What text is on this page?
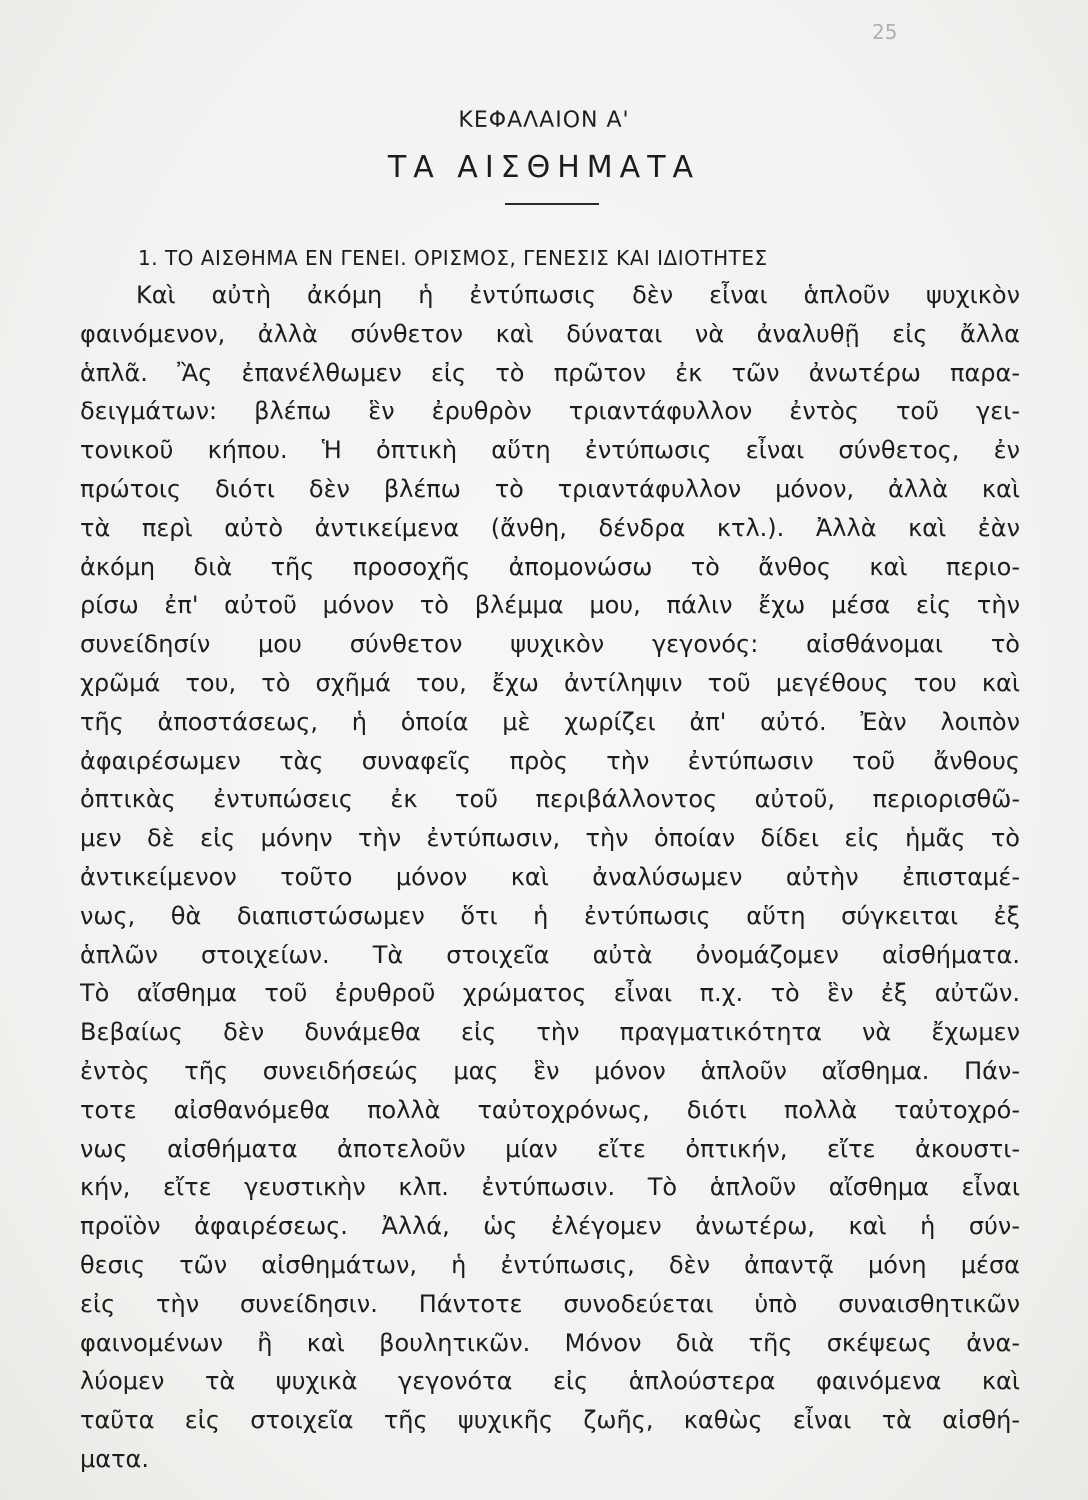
25
ΚΕΦΑΛΑΙΟΝ Α'
ΤΑ ΑΙΣΘΗΜΑΤΑ
1. ΤΟ ΑΙΣΘΗΜΑ ΕΝ ΓΕΝΕΙ. ΟΡΙΣΜΟΣ, ΓΕΝΕΣΙΣ ΚΑΙ ΙΔΙΟΤΗΤΕΣ
Καὶ αὐτὴ ἀκόμη ἡ ἐντύπωσις δὲν εἶναι ἁπλοῦν ψυχικὸν
φαινόμενον, ἀλλὰ σύνθετον καὶ δύναται νὰ ἀναλυθῇ εἰς ἄλλα
ἁπλᾶ. Ἂς ἐπανέλθωμεν εἰς τὸ πρῶτον ἐκ τῶν ἀνωτέρω παρα-
δειγμάτων: βλέπω ἓν ἐρυθρὸν τριαντάφυλλον ἐντὸς τοῦ γει-
τονικοῦ κήπου. Ἡ ὀπτικὴ αὕτη ἐντύπωσις εἶναι σύνθετος, ἐν
πρώτοις διότι δὲν βλέπω τὸ τριαντάφυλλον μόνον, ἀλλὰ καὶ
τὰ περὶ αὐτὸ ἀντικείμενα (ἄνθη, δένδρα κτλ.). Ἀλλὰ καὶ ἐὰν
ἀκόμη διὰ τῆς προσοχῆς ἀπομονώσω τὸ ἄνθος καὶ περιο-
ρίσω ἐπ' αὐτοῦ μόνον τὸ βλέμμα μου, πάλιν ἔχω μέσα εἰς τὴν
συνείδησίν μου σύνθετον ψυχικὸν γεγονός: αἰσθάνομαι τὸ
χρῶμά του, τὸ σχῆμά του, ἔχω ἀντίληψιν τοῦ μεγέθους του καὶ
τῆς ἀποστάσεως, ἡ ὁποία μὲ χωρίζει ἀπ' αὐτό. Ἐὰν λοιπὸν
ἀφαιρέσωμεν τὰς συναφεῖς πρὸς τὴν ἐντύπωσιν τοῦ ἄνθους
ὀπτικὰς ἐντυπώσεις ἐκ τοῦ περιβάλλοντος αὐτοῦ, περιορισθῶ-
μεν δὲ εἰς μόνην τὴν ἐντύπωσιν, τὴν ὁποίαν δίδει εἰς ἡμᾶς τὸ
ἀντικείμενον τοῦτο μόνον καὶ ἀναλύσωμεν αὐτὴν ἐπισταμέ-
νως, θὰ διαπιστώσωμεν ὅτι ἡ ἐντύπωσις αὕτη σύγκειται ἐξ
ἁπλῶν στοιχείων. Τὰ στοιχεῖα αὐτὰ ὀνομάζομεν αἰσθήματα.
Τὸ αἴσθημα τοῦ ἐρυθροῦ χρώματος εἶναι π.χ. τὸ ἓν ἐξ αὐτῶν.
Βεβαίως δὲν δυνάμεθα εἰς τὴν πραγματικότητα νὰ ἔχωμεν
ἐντὸς τῆς συνειδήσεώς μας ἓν μόνον ἁπλοῦν αἴσθημα. Πάν-
τοτε αἰσθανόμεθα πολλὰ ταὐτοχρόνως, διότι πολλὰ ταὐτοχρό-
νως αἰσθήματα ἀποτελοῦν μίαν εἴτε ὀπτικήν, εἴτε ἀκουστι-
κήν, εἴτε γευστικὴν κλπ. ἐντύπωσιν. Τὸ ἁπλοῦν αἴσθημα εἶναι
προϊὸν ἀφαιρέσεως. Ἀλλά, ὡς ἐλέγομεν ἀνωτέρω, καὶ ἡ σύν-
θεσις τῶν αἰσθημάτων, ἡ ἐντύπωσις, δὲν ἀπαντᾷ μόνη μέσα
εἰς τὴν συνείδησιν. Πάντοτε συνοδεύεται ὑπὸ συναισθητικῶν
φαινομένων ἢ καὶ βουλητικῶν. Μόνον διὰ τῆς σκέψεως ἀνα-
λύομεν τὰ ψυχικὰ γεγονότα εἰς ἁπλούστερα φαινόμενα καὶ
ταῦτα εἰς στοιχεῖα τῆς ψυχικῆς ζωῆς, καθὼς εἶναι τὰ αἰσθή-
ματα.
